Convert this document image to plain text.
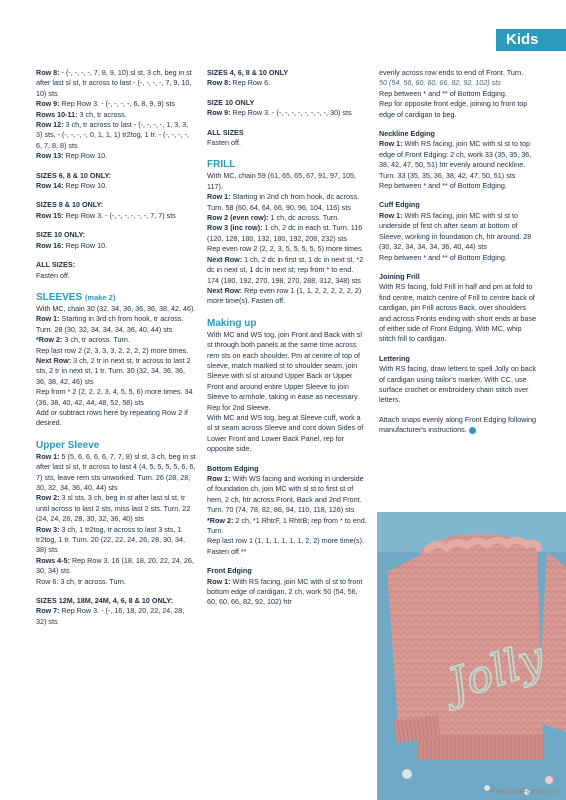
Kids

Row 8: - (-, -, -, -, 7, 8, 9, 10) sl st, 3 ch, beg in st after last sl st, tr across to last - (-, -, -, -, 7, 9, 10, 10) sts

Row 9: Rep Row 3. - (-, -, -, -, 6, 8, 9, 9) sts

Rows 10-11: 3 ch, tr across.

Row 12: 3 ch, tr across to last - (-, -, -, -, 1, 3, 3, 3) sts, - (-, -, -, -, 0, 1, 1, 1) tr2tog, 1 tr. - (-, -, -, -, 6, 7, 8, 8) sts

Row 13: Rep Row 10.

SIZES 6, 8 & 10 ONLY:

Row 14: Rep Row 10.

SIZES 8 & 10 ONLY:

Row 15: Rep Row 3. - (-, -, -, -, -, -, 7, 7) sts

SIZE 10 ONLY:

Row 16: Rep Row 10.

ALL SIZES:

Fasten off.

SLEEVES (make 2)

With MC, chain 30 (32, 34, 36, 36, 36, 38, 42, 46).

Row 1: Starting in 3rd ch from hook, tr across. Turn. 28 (30, 32, 34, 34, 34, 36, 40, 44) sts

*Row 2: 3 ch, tr across. Turn.

Rep last row 2 (2, 3, 3, 3, 2, 2, 2, 2) more times.

Next Row: 3 ch, 2 tr in next st, tr across to last 2 sts, 2 tr in next st, 1 tr. Turn. 30 (32, 34, 36, 36, 36, 38, 42, 46) sts

Rep from * 2 (2, 2, 2, 3, 4, 5, 5, 6) more times. 34 (36, 38, 40, 42, 44, 48, 52, 58) sts

Add or subtract rows here by repeating Row 2 if desired.

Upper Sleeve

Row 1: 5 (5, 6, 6, 6, 6, 7, 7, 8) sl st, 3 ch, beg in st after last sl st, tr across to last 4 (4, 5, 5, 5, 5, 6, 6, 7) sts, leave rem sts unworked. Turn. 26 (28, 28, 30, 32, 34, 36, 40, 44) sts

Row 2: 3 sl sts, 3 ch, beg in st after last sl st, tr until across to last 2 sts, miss last 2 sts. Turn. 22 (24, 24, 26, 28, 30, 32, 36, 40) sts

Row 3: 3 ch, 1 tr2tog, tr across to last 3 sts, 1 tr2tog, 1 tr. Turn. 20 (22, 22, 24, 26, 28, 30, 34, 38) sts

Rows 4-5: Rep Row 3. 16 (18, 18, 20, 22, 24, 26, 30, 34) sts

Row 6: 3 ch, tr across. Turn.

SIZES 12M, 18M, 24M, 4, 6, 8 & 10 ONLY:

Row 7: Rep Row 3. - (-, 16, 18, 20, 22, 24, 28, 32) sts

SIZES 4, 6, 8 & 10 ONLY

Row 8: Rep Row 6.

SIZE 10 ONLY

Row 9: Rep Row 3. - (-, -, -, -, -, -, -, -, 30) sts

ALL SIZES

Fasten off.

FRILL

With MC, chain 59 (61, 65, 65, 67, 91, 97, 105, 117).

Row 1: Starting in 2nd ch from hook, dc across. Turn. 58 (60, 64, 64, 66, 90, 96, 104, 116) sts

Row 2 (even row): 1 ch, dc across. Turn.

Row 3 (inc row): 1 ch, 2 dc in each st. Turn. 116 (120, 128, 180, 132, 180, 192, 208, 232) sts

Rep even row 2 (2, 2, 3, 5, 5, 5, 5, 5) more times.

Next Row: 1 ch, 2 dc in first st, 1 dc in next st, *2 dc in next st, 1 dc in next st; rep from * to end. 174 (180, 192, 270, 198, 270, 288, 312, 348) sts

Next Row: Rep even row 1 (1, 1, 2, 2, 2, 2, 2, 2) more time(s). Fasten off.

Making up

With MC and WS tog, join Front and Back with sl st through both panels at the same time across rem sts on each shoulder. Pm at centre of top of sleeve, match marked st to shoulder seam, join Sleeve with sl st around Upper Back or Upper Front and around entire Upper Sleeve to join Sleeve to armhole, taking in ease as necessary. Rep for 2nd Sleeve.

With MC and WS tog, beg at Sleeve cuff, work a sl st seam across Sleeve and cont down Sides of Lower Front and Lower Back Panel, rep for opposite side.

Bottom Edging

Row 1: With WS facing and working in underside of foundation ch, join MC with sl st to first st of hem, 2 ch, htr across Front, Back and 2nd Front. Turn. 70 (74, 78, 82, 86, 94, 110, 118, 126) sts

*Row 2: 2 ch, *1 RhtrF, 1 RhtrB; rep from * to end. Turn.

Rep last row 1 (1, 1, 1, 1, 1, 1, 2, 2) more time(s).

Fasten off.**

Front Edging

Row 1: With RS facing, join MC with sl st to front bottom edge of cardigan, 2 ch, work 50 (54, 56, 60, 60, 66, 82, 92, 102) htr

evenly across row ends to end of Front. Turn.

50 (54, 56, 60, 60, 66, 82, 92, 102) sts

Rep between * and ** of Bottom Edging.

Rep for opposite front edge, joining to front top edge of cardigan to beg.

Neckline Edging

Row 1: With RS facing, join MC with sl st to top edge of Front Edging: 2 ch, work 33 (35, 35, 36, 38, 42, 47, 50, 51) htr evenly around neckline. Turn. 33 (35, 35, 36, 38, 42, 47, 50, 51) sts

Rep between * and ** of Bottom Edging.

Cuff Edging

Row 1: With RS facing, join MC with sl st to underside of first ch after seam at bottom of Sleeve, working in foundation ch, htr around. 28 (30, 32, 34, 34, 34, 36, 40, 44) sts

Rep between * and ** of Bottom Edging.

Joining Frill

With RS facing, fold Frill in half and pm at fold to find centre, match centre of Frill to centre back of cardigan, pin Frill across Back, over shoulders and across Fronts ending with short ends at base of either side of Front Edging. With MC, whip stitch frill to cardigan.

Lettering

With RS facing, draw letters to spell Jolly on back of cardigan using tailor's marker. With CC, use surface crochet or embroidery chain stitch over letters.

Attach snaps evenly along Front Edging following manufacturer's instructions.

Jolly
PassionForum.ru
